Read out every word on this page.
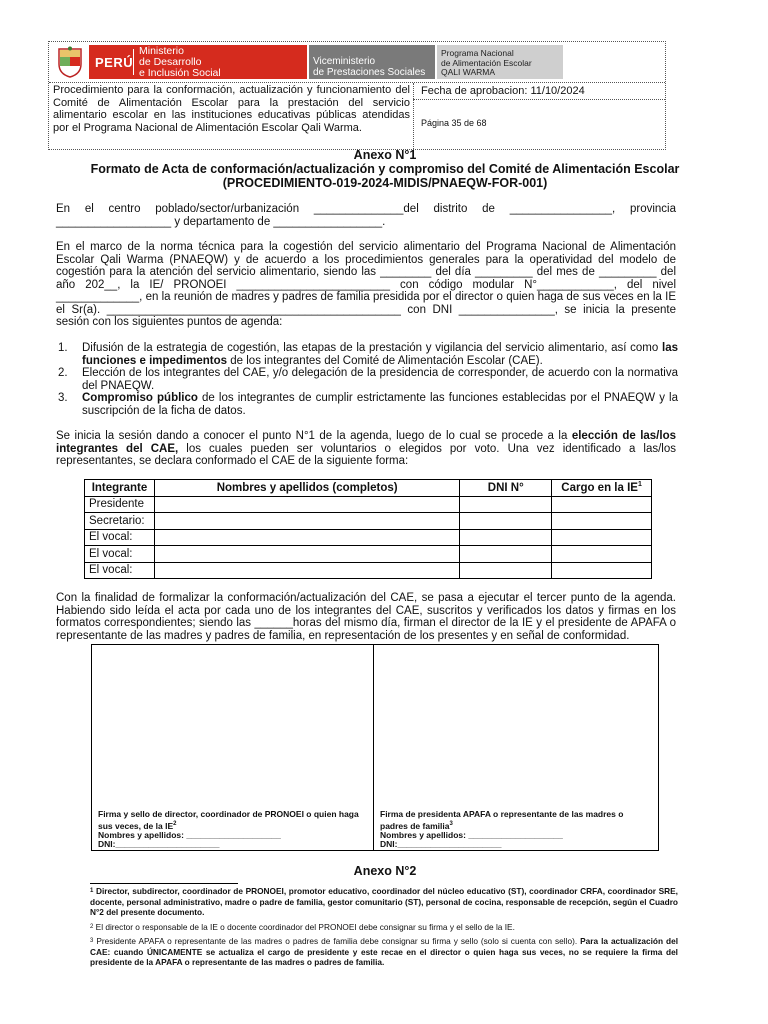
PERÚ
Ministerio
de Desarrollo
e Inclusión Social
Viceministerio
de Prestaciones Sociales
Programa Nacional
de Alimentación Escolar
QALI WARMA
Procedimiento para la conformación, actualización y funcionamiento del Comité de Alimentación Escolar para la prestación del servicio alimentario escolar en las instituciones educativas públicas atendidas por el Programa Nacional de Alimentación Escolar Qali Warma.
Fecha de aprobacion: 11/10/2024
Página 35 de 68
Anexo N°1
Formato de Acta de conformación/actualización y compromiso del Comité de Alimentación Escolar
(PROCEDIMIENTO-019-2024-MIDIS/PNAEQW-FOR-001)
En el centro poblado/sector/urbanización ______________del distrito de ________________, provincia __________________ y departamento de _________________.
En el marco de la norma técnica para la cogestión del servicio alimentario del Programa Nacional de Alimentación Escolar Qali Warma (PNAEQW) y de acuerdo a los procedimientos generales para la operatividad del modelo de cogestión para la atención del servicio alimentario, siendo las ________ del día _________ del mes de _________ del año 202__, la IE/ PRONOEI ________________________ con código modular N°____________, del nivel _____________, en la reunión de madres y padres de familia presidida por el director o quien haga de sus veces en la IE el Sr(a). ______________________________________________ con DNI _______________, se inicia la presente sesión con los siguientes puntos de agenda:
1. Difusión de la estrategia de cogestión, las etapas de la prestación y vigilancia del servicio alimentario, así como las funciones e impedimentos de los integrantes del Comité de Alimentación Escolar (CAE).
2. Elección de los integrantes del CAE, y/o delegación de la presidencia de corresponder, de acuerdo con la normativa del PNAEQW.
3. Compromiso público de los integrantes de cumplir estrictamente las funciones establecidas por el PNAEQW y la suscripción de la ficha de datos.
Se inicia la sesión dando a conocer el punto N°1 de la agenda, luego de lo cual se procede a la elección de las/los integrantes del CAE, los cuales pueden ser voluntarios o elegidos por voto. Una vez identificado a las/los representantes, se declara conformado el CAE de la siguiente forma:
Integrante	Nombres y apellidos (completos)	DNI N°	Cargo en la $IE^1$
Presidente			
Secretario:			
El vocal:			
El vocal:			
El vocal:			
Con la finalidad de formalizar la conformación/actualización del CAE, se pasa a ejecutar el tercer punto de la agenda. Habiendo sido leída el acta por cada uno de los integrantes del CAE, suscritos y verificados los datos y firmas en los formatos correspondientes; siendo las ______horas del mismo día, firman el director de la IE y el presidente de APAFA o representante de las madres y padres de familia, en representación de los presentes y en señal de conformidad.
Firma y sello de director, coordinador de PRONOEI o quien haga sus veces, de la $IE^2$
Nombres y apellidos: ____________________
DNI:______________________
Firma de presidenta APAFA o representante de las madres o padres de familia$^3$
Nombres y apellidos: ____________________
DNI:______________________
Anexo N°2
$^1$ Director, subdirector, coordinador de PRONOEI, promotor educativo, coordinador del núcleo educativo (ST), coordinador CRFA, coordinador SRE, docente, personal administrativo, madre o padre de familia, gestor comunitario (ST), personal de cocina, responsable de recepción, según el Cuadro N°2 del presente documento.
$^2$ El director o responsable de la IE o docente coordinador del PRONOEI debe consignar su firma y el sello de la IE.
$^3$ Presidente APAFA o representante de las madres o padres de familia debe consignar su firma y sello (solo si cuenta con sello). Para la actualización del CAE: cuando ÚNICAMENTE se actualiza el cargo de presidente y este recae en el director o quien haga sus veces, no se requiere la firma del presidente de la APAFA o representante de las madres o padres de familia.
